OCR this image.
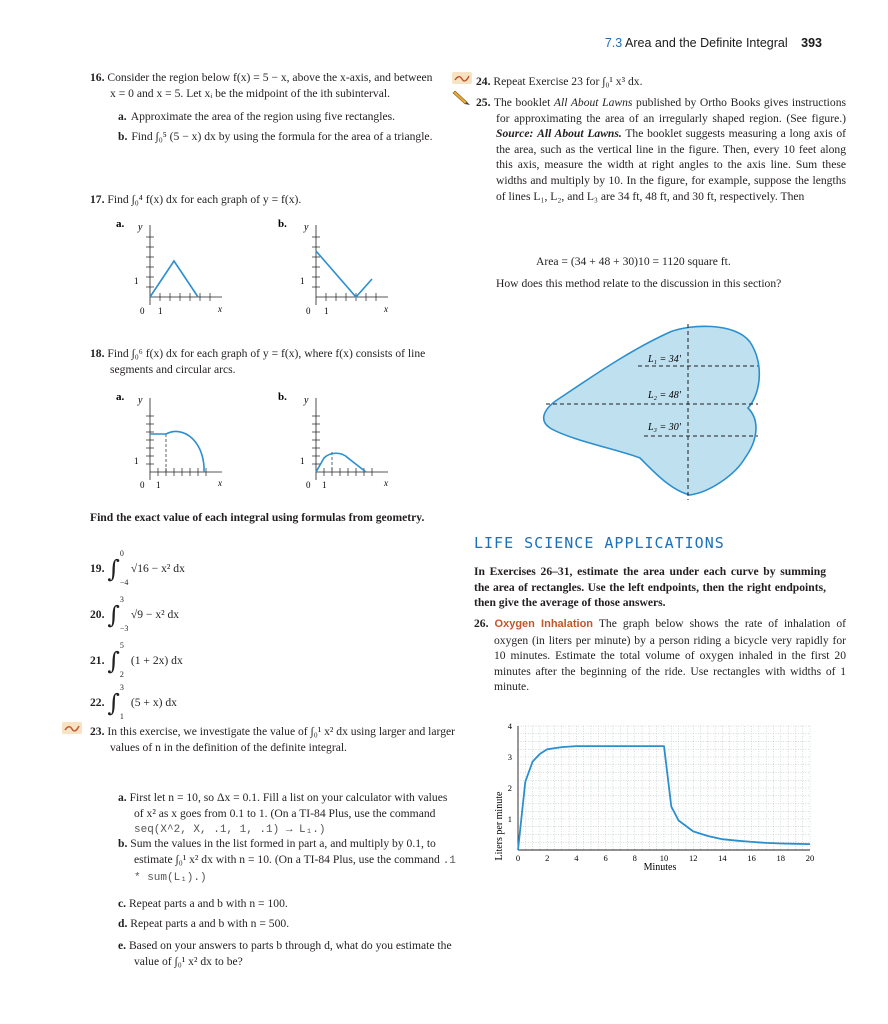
7.3 Area and the Definite Integral 393
16. Consider the region below f(x) = 5 − x, above the x-axis, and between x = 0 and x = 5. Let xᵢ be the midpoint of the ith subinterval.
a. Approximate the area of the region using five rectangles.
b. Find ∫₀⁵ (5 − x) dx by using the formula for the area of a triangle.
17. Find ∫₀⁴ f(x) dx for each graph of y = f(x).
a. y
1
0 1	x
b. y
1
0 1	x
18. Find ∫₀⁶ f(x) dx for each graph of y = f(x), where f(x) consists of line segments and circular arcs.
a. y
1
0 1	x
b. y
1
0 1	x
Find the exact value of each integral using formulas from geometry.
19. ∫
0
−4
√16 − x² dx
20. ∫
3
−3
√9 − x² dx
21. ∫
5
2
(1 + 2x) dx
22. ∫
3
1
(5 + x) dx
23. In this exercise, we investigate the value of ∫₀¹ x² dx using larger and larger values of n in the definition of the definite integral.
a. First let n = 10, so Δx = 0.1. Fill a list on your calculator with values of x² as x goes from 0.1 to 1. (On a TI-84 Plus, use the command seq(X^2, X, .1, 1, .1) → L₁.)
b. Sum the values in the list formed in part a, and multiply by 0.1, to estimate ∫₀¹ x² dx with n = 10. (On a TI-84 Plus, use the command .1 * sum(L₁).)
c. Repeat parts a and b with n = 100.
d. Repeat parts a and b with n = 500.
e. Based on your answers to parts b through d, what do you estimate the value of ∫₀¹ x² dx to be?
24. Repeat Exercise 23 for ∫₀¹ x³ dx.
25. The booklet All About Lawns published by Ortho Books gives instructions for approximating the area of an irregularly shaped region. (See figure.) Source: All About Lawns. The booklet suggests measuring a long axis of the area, such as the vertical line in the figure. Then, every 10 feet along this axis, measure the width at right angles to the axis line. Sum these widths and multiply by 10. In the figure, for example, suppose the lengths of lines L₁, L₂, and L₃ are 34 ft, 48 ft, and 30 ft, respectively. Then
Area = (34 + 48 + 30)10 = 1120 square ft.
How does this method relate to the discussion in this section?
L₁ = 34'
L₂ = 48'
L₃ = 30'
LIFE SCIENCE APPLICATIONS
In Exercises 26–31, estimate the area under each curve by summing the area of rectangles. Use the left endpoints, then the right endpoints, then give the average of those answers.
26. Oxygen Inhalation The graph below shows the rate of inhalation of oxygen (in liters per minute) by a person riding a bicycle very rapidly for 10 minutes. Estimate the total volume of oxygen inhaled in the first 20 minutes after the beginning of the ride. Use rectangles with widths of 1 minute.
Liters per minute
Minutes
0	2	4	6	8	10 12 14 16 18 20
1
2
3
4
